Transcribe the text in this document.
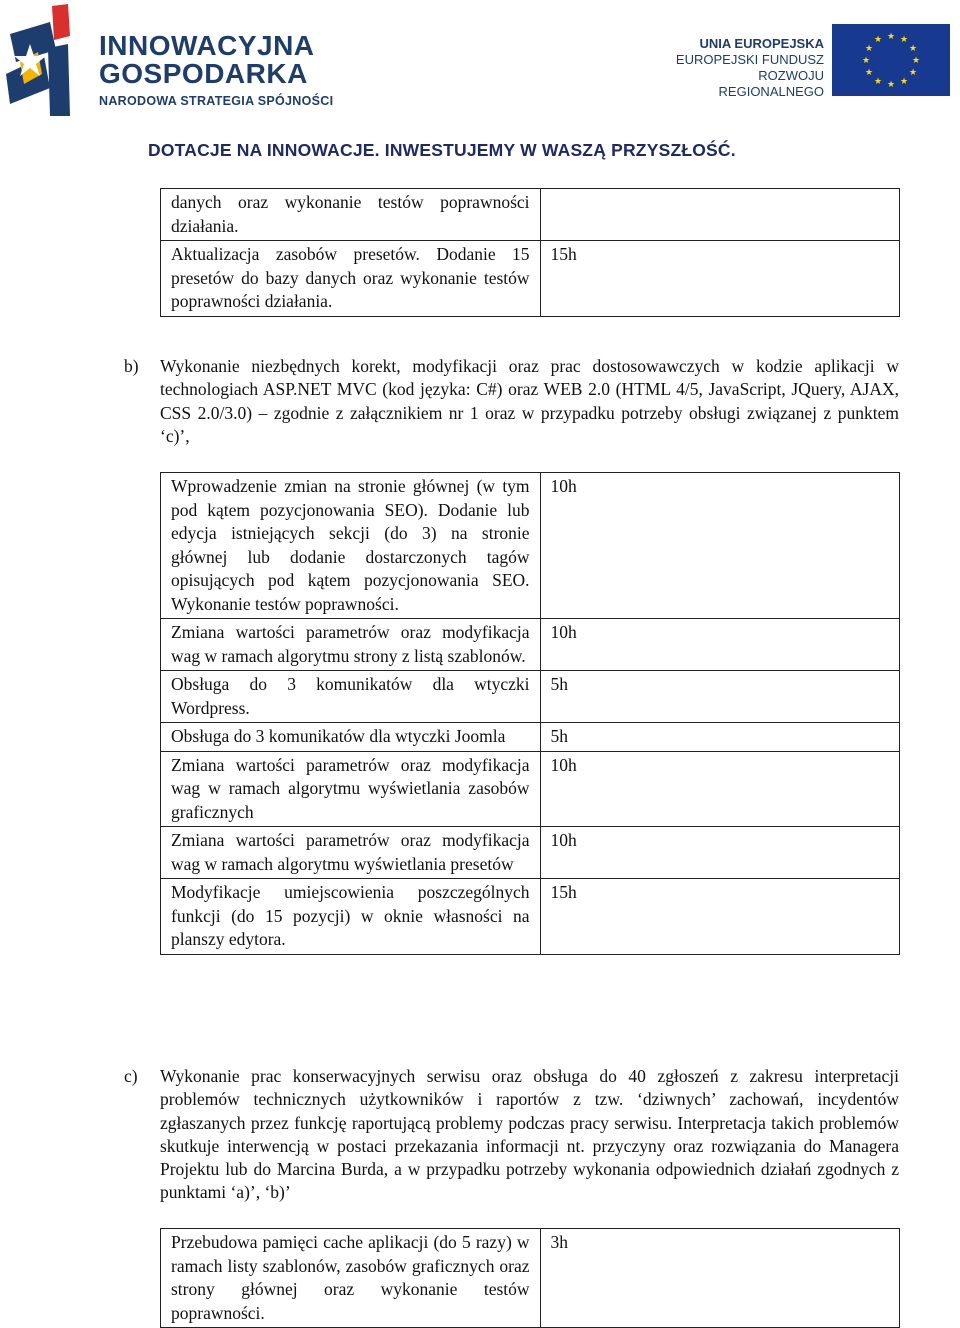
INNOWACYJNA
GOSPODARKA
NARODOWA STRATEGIA SPÓJNOŚCI
UNIA EUROPEJSKA
EUROPEJSKI FUNDUSZ
ROZWOJU REGIONALNEGO
★ ★
★
★
★
★
★
★
★
★
★
★
DOTACJE NA INNOWACJE. INWESTUJEMY W WASZĄ PRZYSZŁOŚĆ.
danych oraz wykonanie testów poprawności działania.	
Aktualizacja zasobów presetów. Dodanie 15 presetów do bazy danych oraz wykonanie testów poprawności działania.	15h
b) Wykonanie niezbędnych korekt, modyfikacji oraz prac dostosowawczych w kodzie aplikacji w technologiach ASP.NET MVC (kod języka: C#) oraz WEB 2.0 (HTML 4/5, JavaScript, JQuery, AJAX, CSS 2.0/3.0) – zgodnie z załącznikiem nr 1 oraz w przypadku potrzeby obsługi związanej z punktem ‘c)’,
Wprowadzenie zmian na stronie głównej (w tym pod kątem pozycjonowania SEO). Dodanie lub edycja istniejących sekcji (do 3) na stronie głównej lub dodanie dostarczonych tagów opisujących pod kątem pozycjonowania SEO. Wykonanie testów poprawności.	10h
Zmiana wartości parametrów oraz modyfikacja wag w ramach algorytmu strony z listą szablonów.	10h
Obsługa do 3 komunikatów dla wtyczki Wordpress.	5h
Obsługa do 3 komunikatów dla wtyczki Joomla	5h
Zmiana wartości parametrów oraz modyfikacja wag w ramach algorytmu wyświetlania zasobów graficznych	10h
Zmiana wartości parametrów oraz modyfikacja wag w ramach algorytmu wyświetlania presetów	10h
Modyfikacje umiejscowienia poszczególnych funkcji (do 15 pozycji) w oknie własności na planszy edytora.	15h
c) Wykonanie prac konserwacyjnych serwisu oraz obsługa do 40 zgłoszeń z zakresu interpretacji problemów technicznych użytkowników i raportów z tzw. ‘dziwnych’ zachowań, incydentów zgłaszanych przez funkcję raportującą problemy podczas pracy serwisu. Interpretacja takich problemów skutkuje interwencją w postaci przekazania informacji nt. przyczyny oraz rozwiązania do Managera Projektu lub do Marcina Burda, a w przypadku potrzeby wykonania odpowiednich działań zgodnych z punktami ‘a)’, ‘b)’
Przebudowa pamięci cache aplikacji (do 5 razy) w ramach listy szablonów, zasobów graficznych oraz strony głównej oraz wykonanie testów poprawności.	3h
